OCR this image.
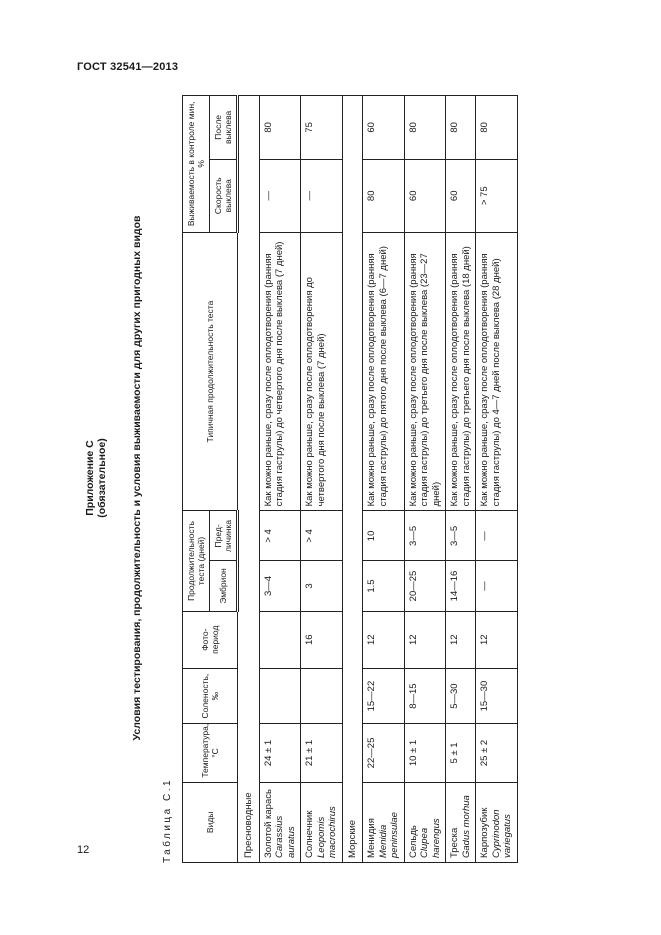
ГОСТ 32541—2013
12
Приложение С (обязательное) Условия тестирования, продолжительность и условия выживаемости для других пригодных видов
Таблица С.1	Виды	Температура, °С	Соленость, ‰	Фото-период	Продолжительность теста (дней)		Типичная продолжительность теста	Выживаемость в контроле мин, %	
				Эмбрион	Пред-личинка		Скорость выклева	После выклева
Пресноводные								

Золотой карась Carassius auratus	24 ± 1			3—4	> 4	Как можно раньше, сразу после оплодотворения (ранняя стадия гаструлы) до четвертого дня после выклева (7 дней)	—	80

Солнечник Leopomis macrochirus	21 ± 1		16	3	> 4	Как можно раньше, сразу после оплодотворения до четвертого дня после выклева (7 дней)	—	75
Морские								

Менидия Menidia peninsulae	22—25	15—22	12	1.5	10	Как можно раньше, сразу после оплодотворения (ранняя стадия гаструлы) до пятого дня после выклева (6—7 дней)	80	60

Сельдь Clupea harengus	10 ± 1	8—15	12	20—25	3—5	Как можно раньше, сразу после оплодотворения (ранняя стадия гаструлы) до третьего дня после выклева (23—27 дней)	60	80

Треска Gadus morhua	5 ± 1	5—30	12	14—16	3—5	Как можно раньше, сразу после оплодотворения (ранняя стадия гаструлы) до третьего дня после выклева (18 дней)	60	80

Карпозубик Cyprinodon variegatus	25 ± 2	15—30	12	—	—	Как можно раньше, сразу после оплодотворения (ранняя стадия гаструлы) до 4—7 дней после выклева (28 дней)	> 75	80
